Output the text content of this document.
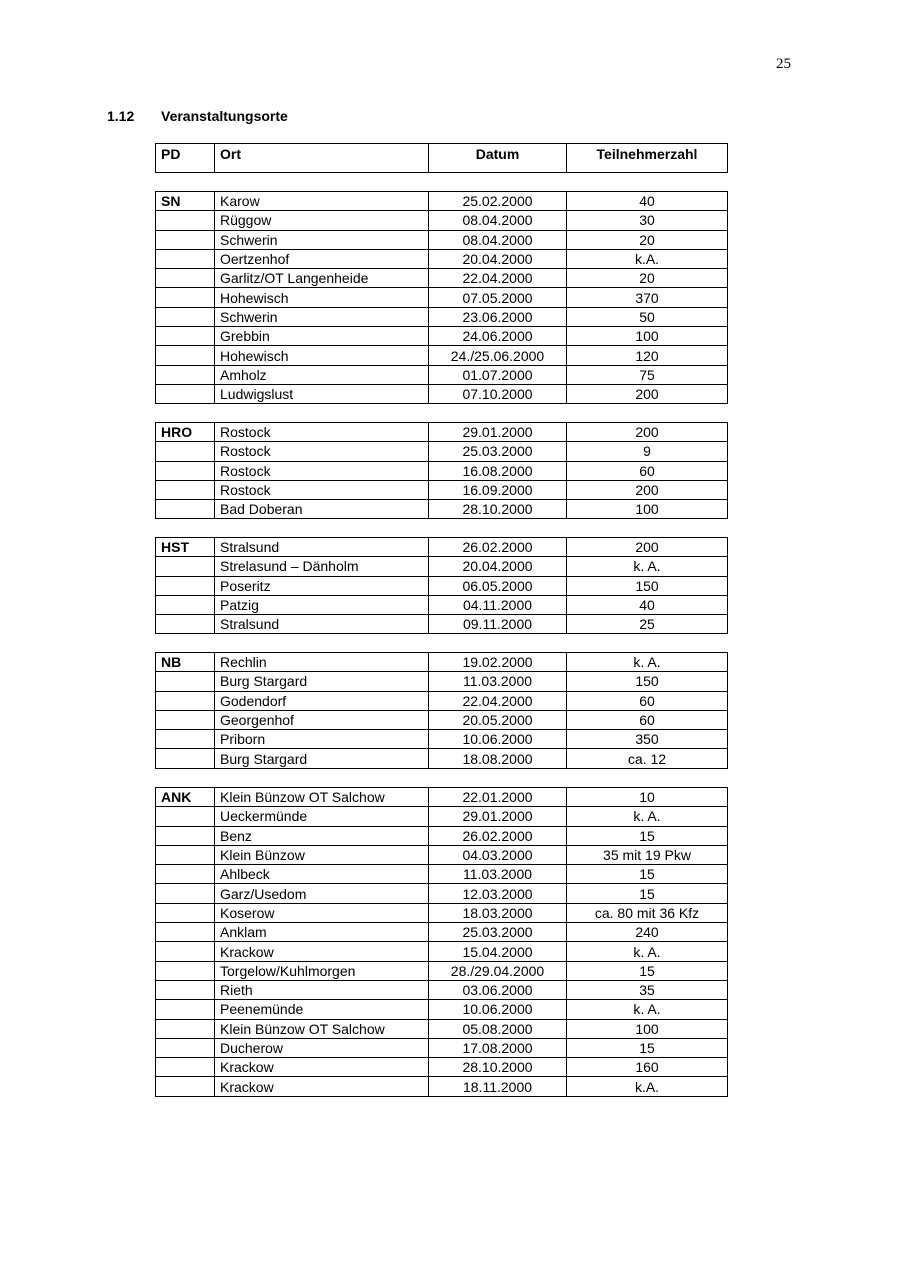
25
1.12 Veranstaltungsorte
PD	Ort	Datum	Teilnehmerzahl
SN	Karow	25.02.2000	40
	Rüggow	08.04.2000	30
	Schwerin	08.04.2000	20
	Oertzenhof	20.04.2000	k.A.
	Garlitz/OT Langenheide	22.04.2000	20
	Hohewisch	07.05.2000	370
	Schwerin	23.06.2000	50
	Grebbin	24.06.2000	100
	Hohewisch	24./25.06.2000	120
	Amholz	01.07.2000	75
	Ludwigslust	07.10.2000	200
HRO	Rostock	29.01.2000	200
	Rostock	25.03.2000	9
	Rostock	16.08.2000	60
	Rostock	16.09.2000	200
	Bad Doberan	28.10.2000	100
HST	Stralsund	26.02.2000	200
	Strelasund – Dänholm	20.04.2000	k. A.
	Poseritz	06.05.2000	150
	Patzig	04.11.2000	40
	Stralsund	09.11.2000	25
NB	Rechlin	19.02.2000	k. A.
	Burg Stargard	11.03.2000	150
	Godendorf	22.04.2000	60
	Georgenhof	20.05.2000	60
	Priborn	10.06.2000	350
	Burg Stargard	18.08.2000	ca. 12
ANK	Klein Bünzow OT Salchow	22.01.2000	10
	Ueckermünde	29.01.2000	k. A.
	Benz	26.02.2000	15
	Klein Bünzow	04.03.2000	35 mit 19 Pkw
	Ahlbeck	11.03.2000	15
	Garz/Usedom	12.03.2000	15
	Koserow	18.03.2000	ca. 80 mit 36 Kfz
	Anklam	25.03.2000	240
	Krackow	15.04.2000	k. A.
	Torgelow/Kuhlmorgen	28./29.04.2000	15
	Rieth	03.06.2000	35
	Peenemünde	10.06.2000	k. A.
	Klein Bünzow OT Salchow	05.08.2000	100
	Ducherow	17.08.2000	15
	Krackow	28.10.2000	160
	Krackow	18.11.2000	k.A.
